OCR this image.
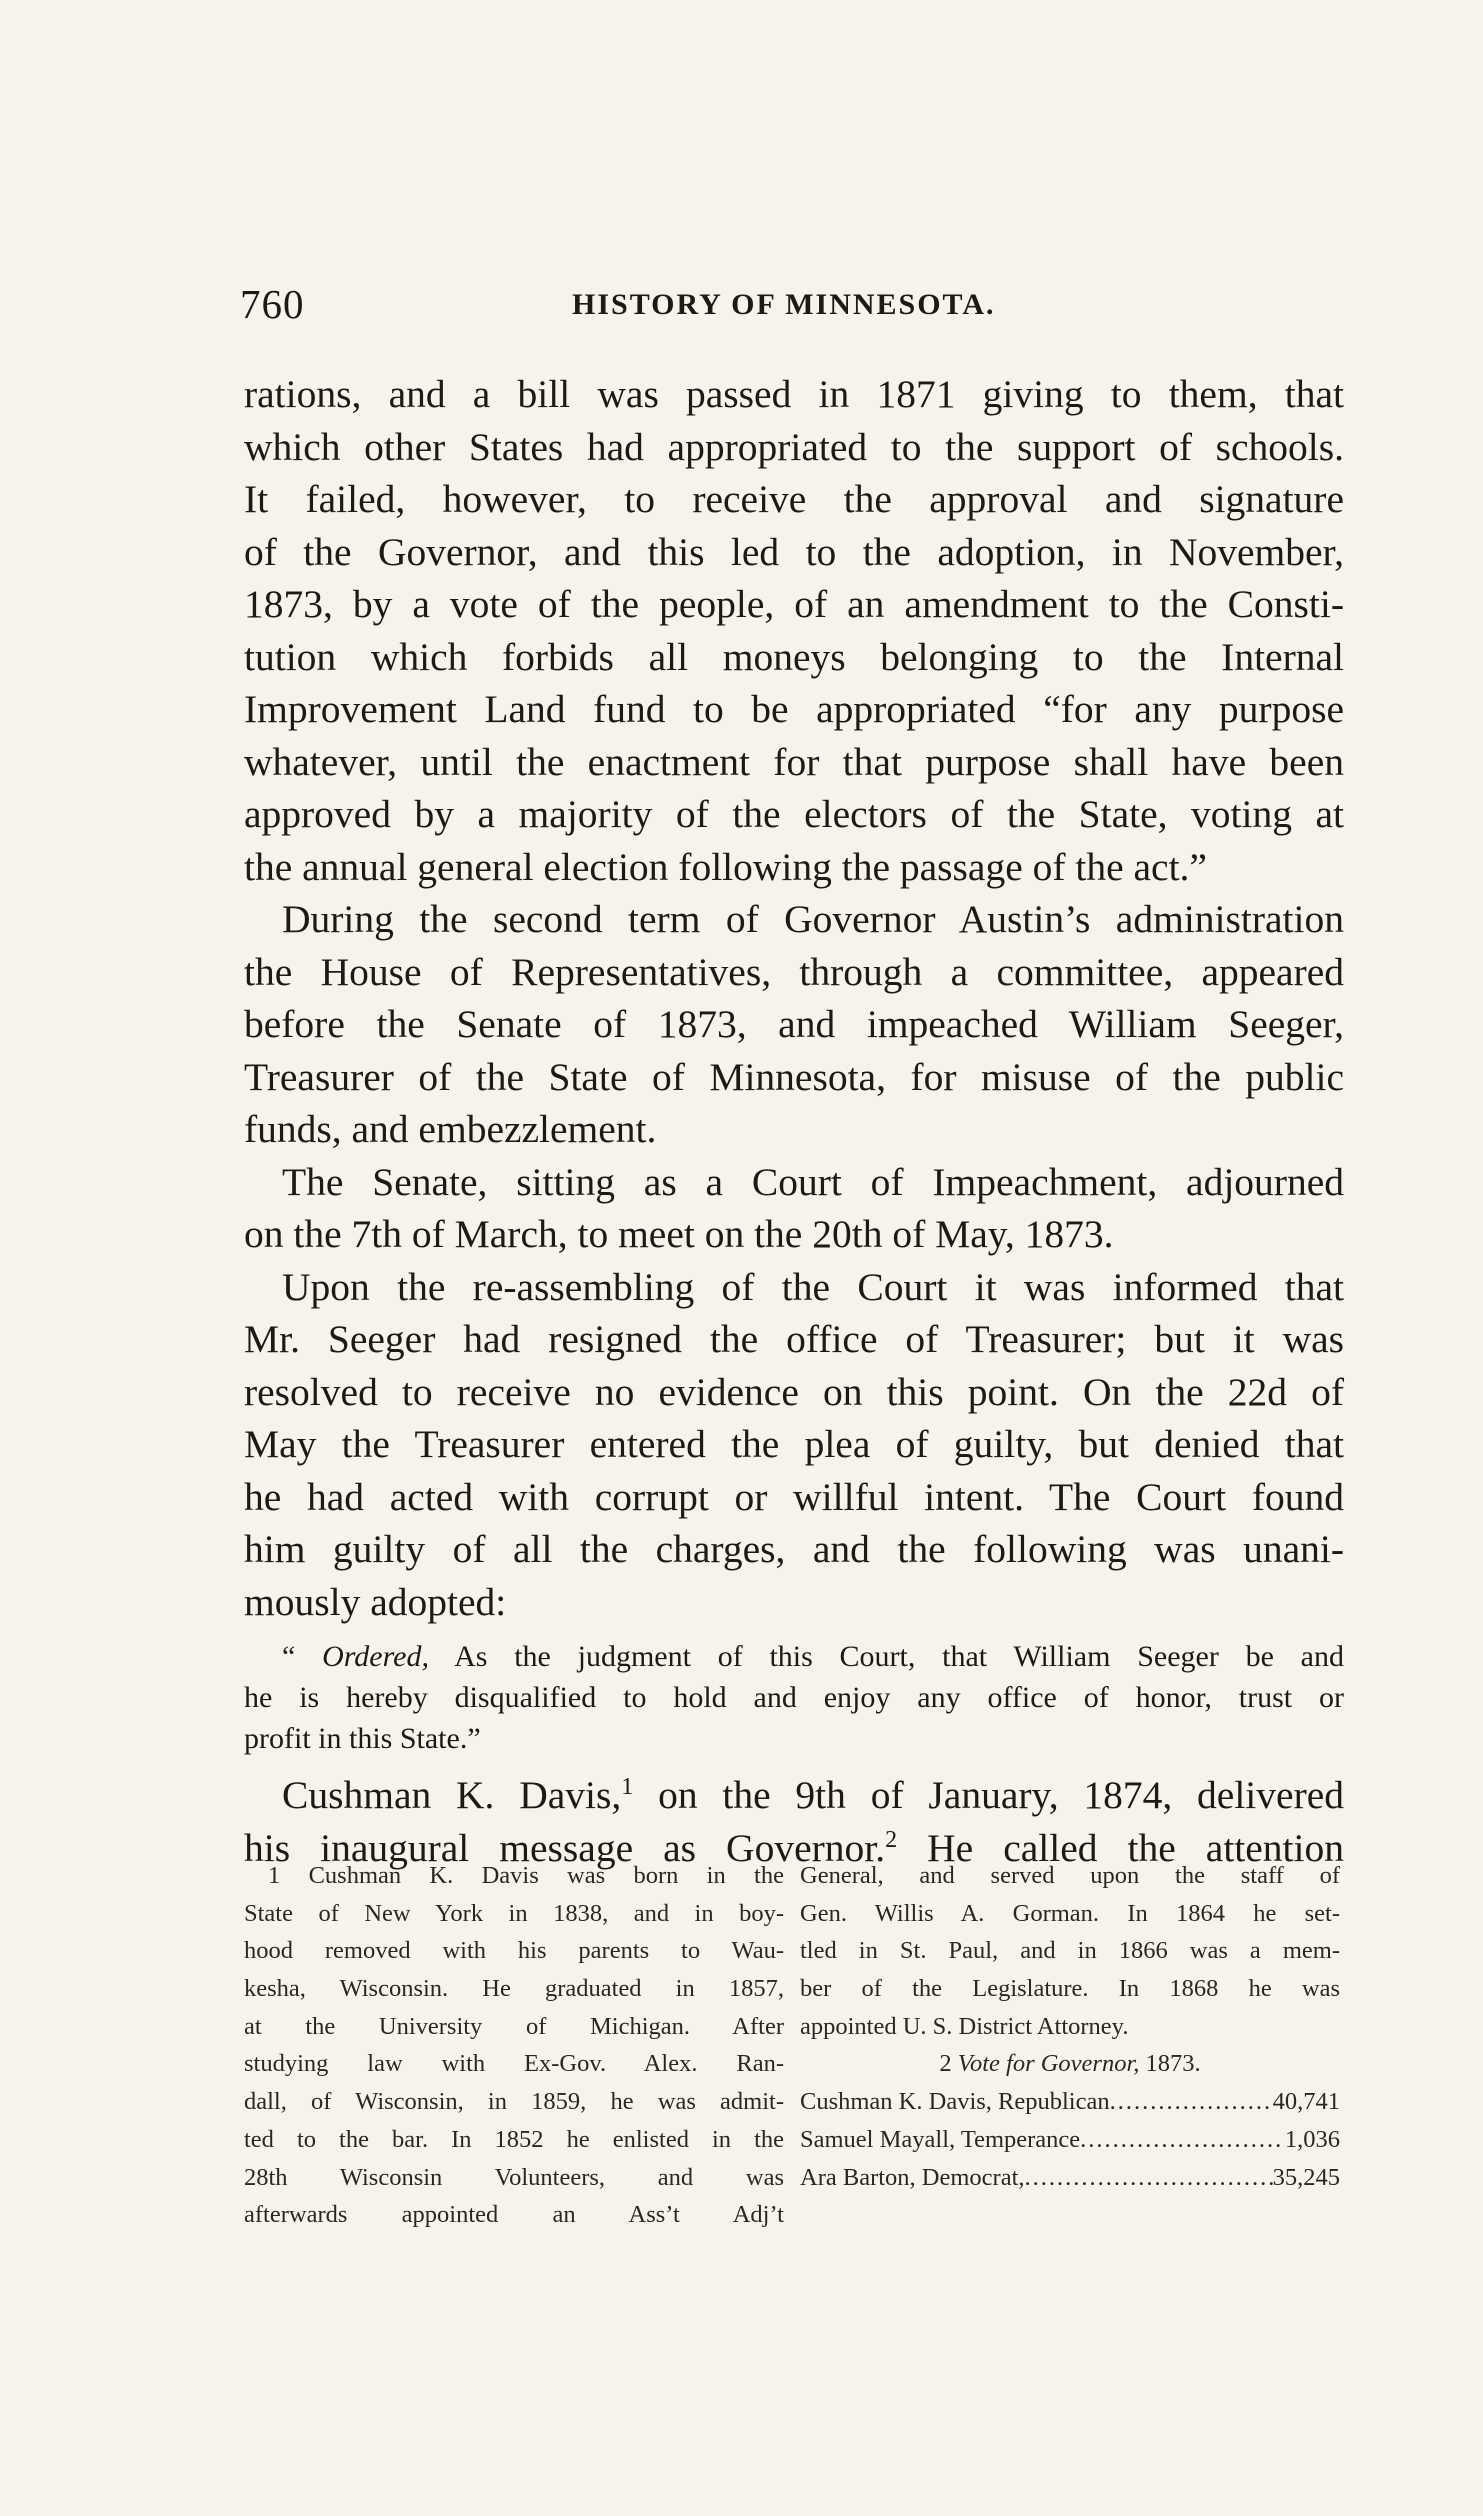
760	HISTORY OF MINNESOTA.
rations, and a bill was passed in 1871 giving to them, that
which other States had appropriated to the support of schools.
It failed, however, to receive the approval and signature
of the Governor, and this led to the adoption, in November,
1873, by a vote of the people, of an amendment to the Consti-
tution which forbids all moneys belonging to the Internal
Improvement Land fund to be appropriated “for any purpose
whatever, until the enactment for that purpose shall have been
approved by a majority of the electors of the State, voting at
the annual general election following the passage of the act.”
During the second term of Governor Austin’s administration
the House of Representatives, through a committee, appeared
before the Senate of 1873, and impeached William Seeger,
Treasurer of the State of Minnesota, for misuse of the public
funds, and embezzlement.
The Senate, sitting as a Court of Impeachment, adjourned
on the 7th of March, to meet on the 20th of May, 1873.
Upon the re-assembling of the Court it was informed that
Mr. Seeger had resigned the office of Treasurer; but it was
resolved to receive no evidence on this point. On the 22d of
May the Treasurer entered the plea of guilty, but denied that
he had acted with corrupt or willful intent. The Court found
him guilty of all the charges, and the following was unani-
mously adopted:
“ Ordered, As the judgment of this Court, that William Seeger be and
he is hereby disqualified to hold and enjoy any office of honor, trust or
profit in this State.”
Cushman K. Davis,$^1$ on the 9th of January, 1874, delivered
his inaugural message as Governor.$^2$ He called the attention
1 Cushman K. Davis was born in the
State of New York in 1838, and in boy-
hood removed with his parents to Wau-
kesha, Wisconsin. He graduated in 1857,
at the University of Michigan. After
studying law with Ex-Gov. Alex. Ran-
dall, of Wisconsin, in 1859, he was admit-
ted to the bar. In 1852 he enlisted in the
28th Wisconsin Volunteers, and was
afterwards appointed an Ass’t Adj’t
General, and served upon the staff of
Gen. Willis A. Gorman. In 1864 he set-
tled in St. Paul, and in 1866 was a mem-
ber of the Legislature. In 1868 he was
appointed U. S. District Attorney.
2 Vote for Governor, 1873.
Cushman K. Davis, Republican .....	40,741
Samuel Mayall, Temperance .....	1,036
Ara Barton, Democrat, .....	35,245
